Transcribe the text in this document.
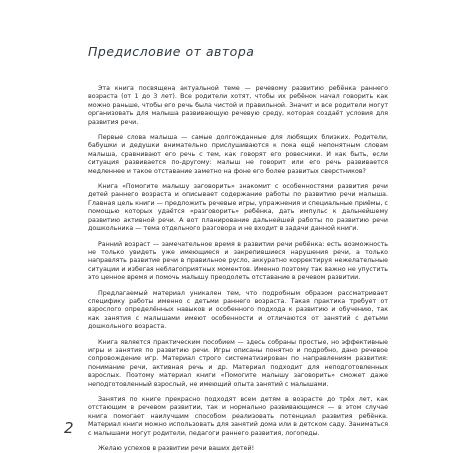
Предисловие от автора

Эта книга посвящена актуальной теме — речевому развитию ребёнка раннего возраста (от 1 до 3 лет). Все родители хотят, чтобы их ребёнок начал говорить как можно раньше, чтобы его речь была чистой и правильной. Значит и все родители могут организовать для малыша развивающую речевую среду, которая создаёт условия для развития речи.

Первые слова малыша — самые долгожданные для любящих близких. Родители, бабушки и дедушки внимательно прислушиваются к пока ещё непонятным словам малыша, сравнивают его речь с тем, как говорят его ровесники. И как быть, если ситуация развивается по-другому: малыш не говорит или его речь развивается медленнее и такое отставание заметно на фоне его более развитых сверстников?

Книга «Помогите малышу заговорить» знакомит с особенностями развития речи детей раннего возраста и описывает содержание работы по развитию речи малыша. Главная цель книги — предложить речевые игры, упражнения и специальные приёмы, с помощью которых удаётся «разговорить» ребёнка, дать импульс к дальнейшему развитию активной речи. А вот планирование дальнейшей работы по развитию речи дошкольника — тема отдельного разговора и не входит в задачи данной книги.

Ранний возраст — замечательное время в развитии речи ребёнка: есть возможность не только увидеть уже имеющиеся и закрепившиеся нарушения речи, а только направлять развитие речи в правильное русло, аккуратно корректируя нежелательные ситуации и избегая неблагоприятных моментов. Именно поэтому так важно не упустить это ценное время и помочь малышу преодолеть отставание в речевом развитии.

Предлагаемый материал уникален тем, что подробным образом рассматривает специфику работы именно с детьми раннего возраста. Такая практика требует от взрослого определённых навыков и особенного подхода к развитию и обучению, так как занятия с малышами имеют особенности и отличаются от занятий с детьми дошкольного возраста.

Книга является практическим пособием — здесь собраны простые, но эффективные игры и занятия по развитию речи. Игры описаны понятно и подробно, дано речевое сопровождение игр. Материал строго систематизирован по направлениям развития: понимание речи, активная речь и др. Материал подходит для неподготовленных взрослых. Поэтому материал книги «Помогите малышу заговорить» сможет даже неподготовленный взрослый, не имеющий опыта занятий с малышами.

Занятия по книге прекрасно подходят всем детям в возрасте до трёх лет, как отстающим в речевом развитии, так и нормально развивающимся — в этом случае книга помогает наилучшим способом реализовать потенциал развития ребёнка. Материал книги можно использовать для занятий дома или в детском саду. Заниматься с малышами могут родители, педагоги раннего развития, логопеды.

Желаю успехов в развитии речи ваших детей!

2
